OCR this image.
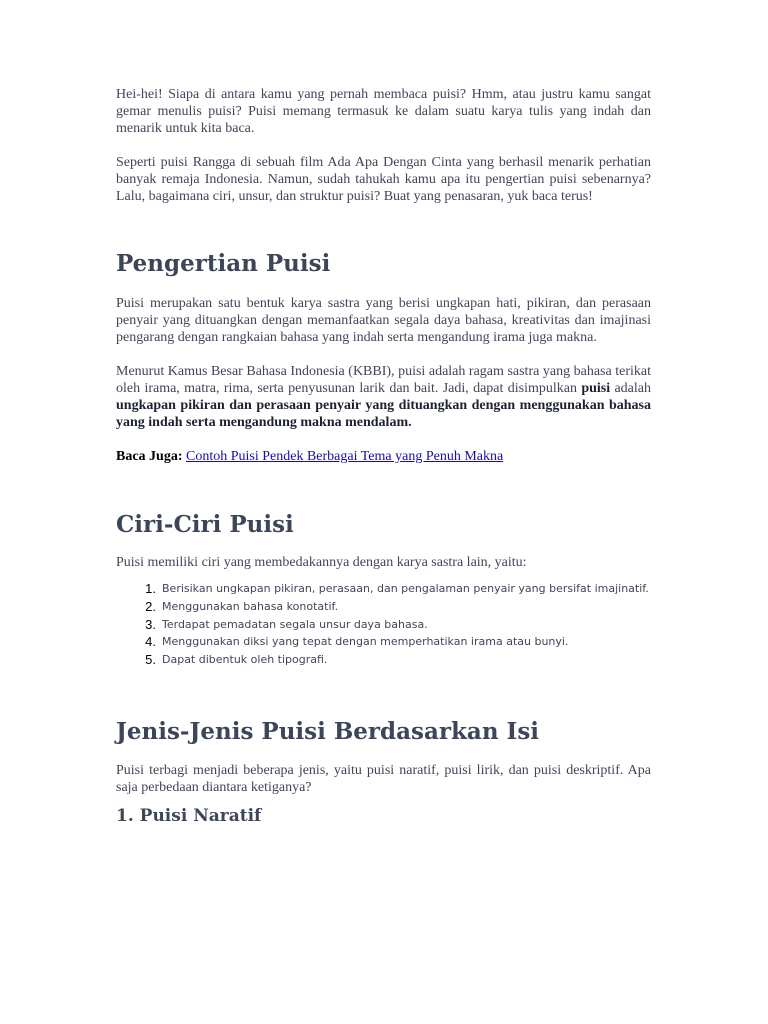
Hei-hei! Siapa di antara kamu yang pernah membaca puisi? Hmm, atau justru kamu sangat gemar menulis puisi? Puisi memang termasuk ke dalam suatu karya tulis yang indah dan menarik untuk kita baca.

Seperti puisi Rangga di sebuah film Ada Apa Dengan Cinta yang berhasil menarik perhatian banyak remaja Indonesia. Namun, sudah tahukah kamu apa itu pengertian puisi sebenarnya? Lalu, bagaimana ciri, unsur, dan struktur puisi? Buat yang penasaran, yuk baca terus!

Pengertian Puisi

Puisi merupakan satu bentuk karya sastra yang berisi ungkapan hati, pikiran, dan perasaan penyair yang dituangkan dengan memanfaatkan segala daya bahasa, kreativitas dan imajinasi pengarang dengan rangkaian bahasa yang indah serta mengandung irama juga makna.

Menurut Kamus Besar Bahasa Indonesia (KBBI), puisi adalah ragam sastra yang bahasa terikat oleh irama, matra, rima, serta penyusunan larik dan bait. Jadi, dapat disimpulkan puisi adalah ungkapan pikiran dan perasaan penyair yang dituangkan dengan menggunakan bahasa yang indah serta mengandung makna mendalam.

Baca Juga: Contoh Puisi Pendek Berbagai Tema yang Penuh Makna

Ciri-Ciri Puisi

Puisi memiliki ciri yang membedakannya dengan karya sastra lain, yaitu:

1. Berisikan ungkapan pikiran, perasaan, dan pengalaman penyair yang bersifat imajinatif.
2. Menggunakan bahasa konotatif.
3. Terdapat pemadatan segala unsur daya bahasa.
4. Menggunakan diksi yang tepat dengan memperhatikan irama atau bunyi.
5. Dapat dibentuk oleh tipografi.
Jenis-Jenis Puisi Berdasarkan Isi

Puisi terbagi menjadi beberapa jenis, yaitu puisi naratif, puisi lirik, dan puisi deskriptif. Apa saja perbedaan diantara ketiganya?

1. Puisi Naratif
